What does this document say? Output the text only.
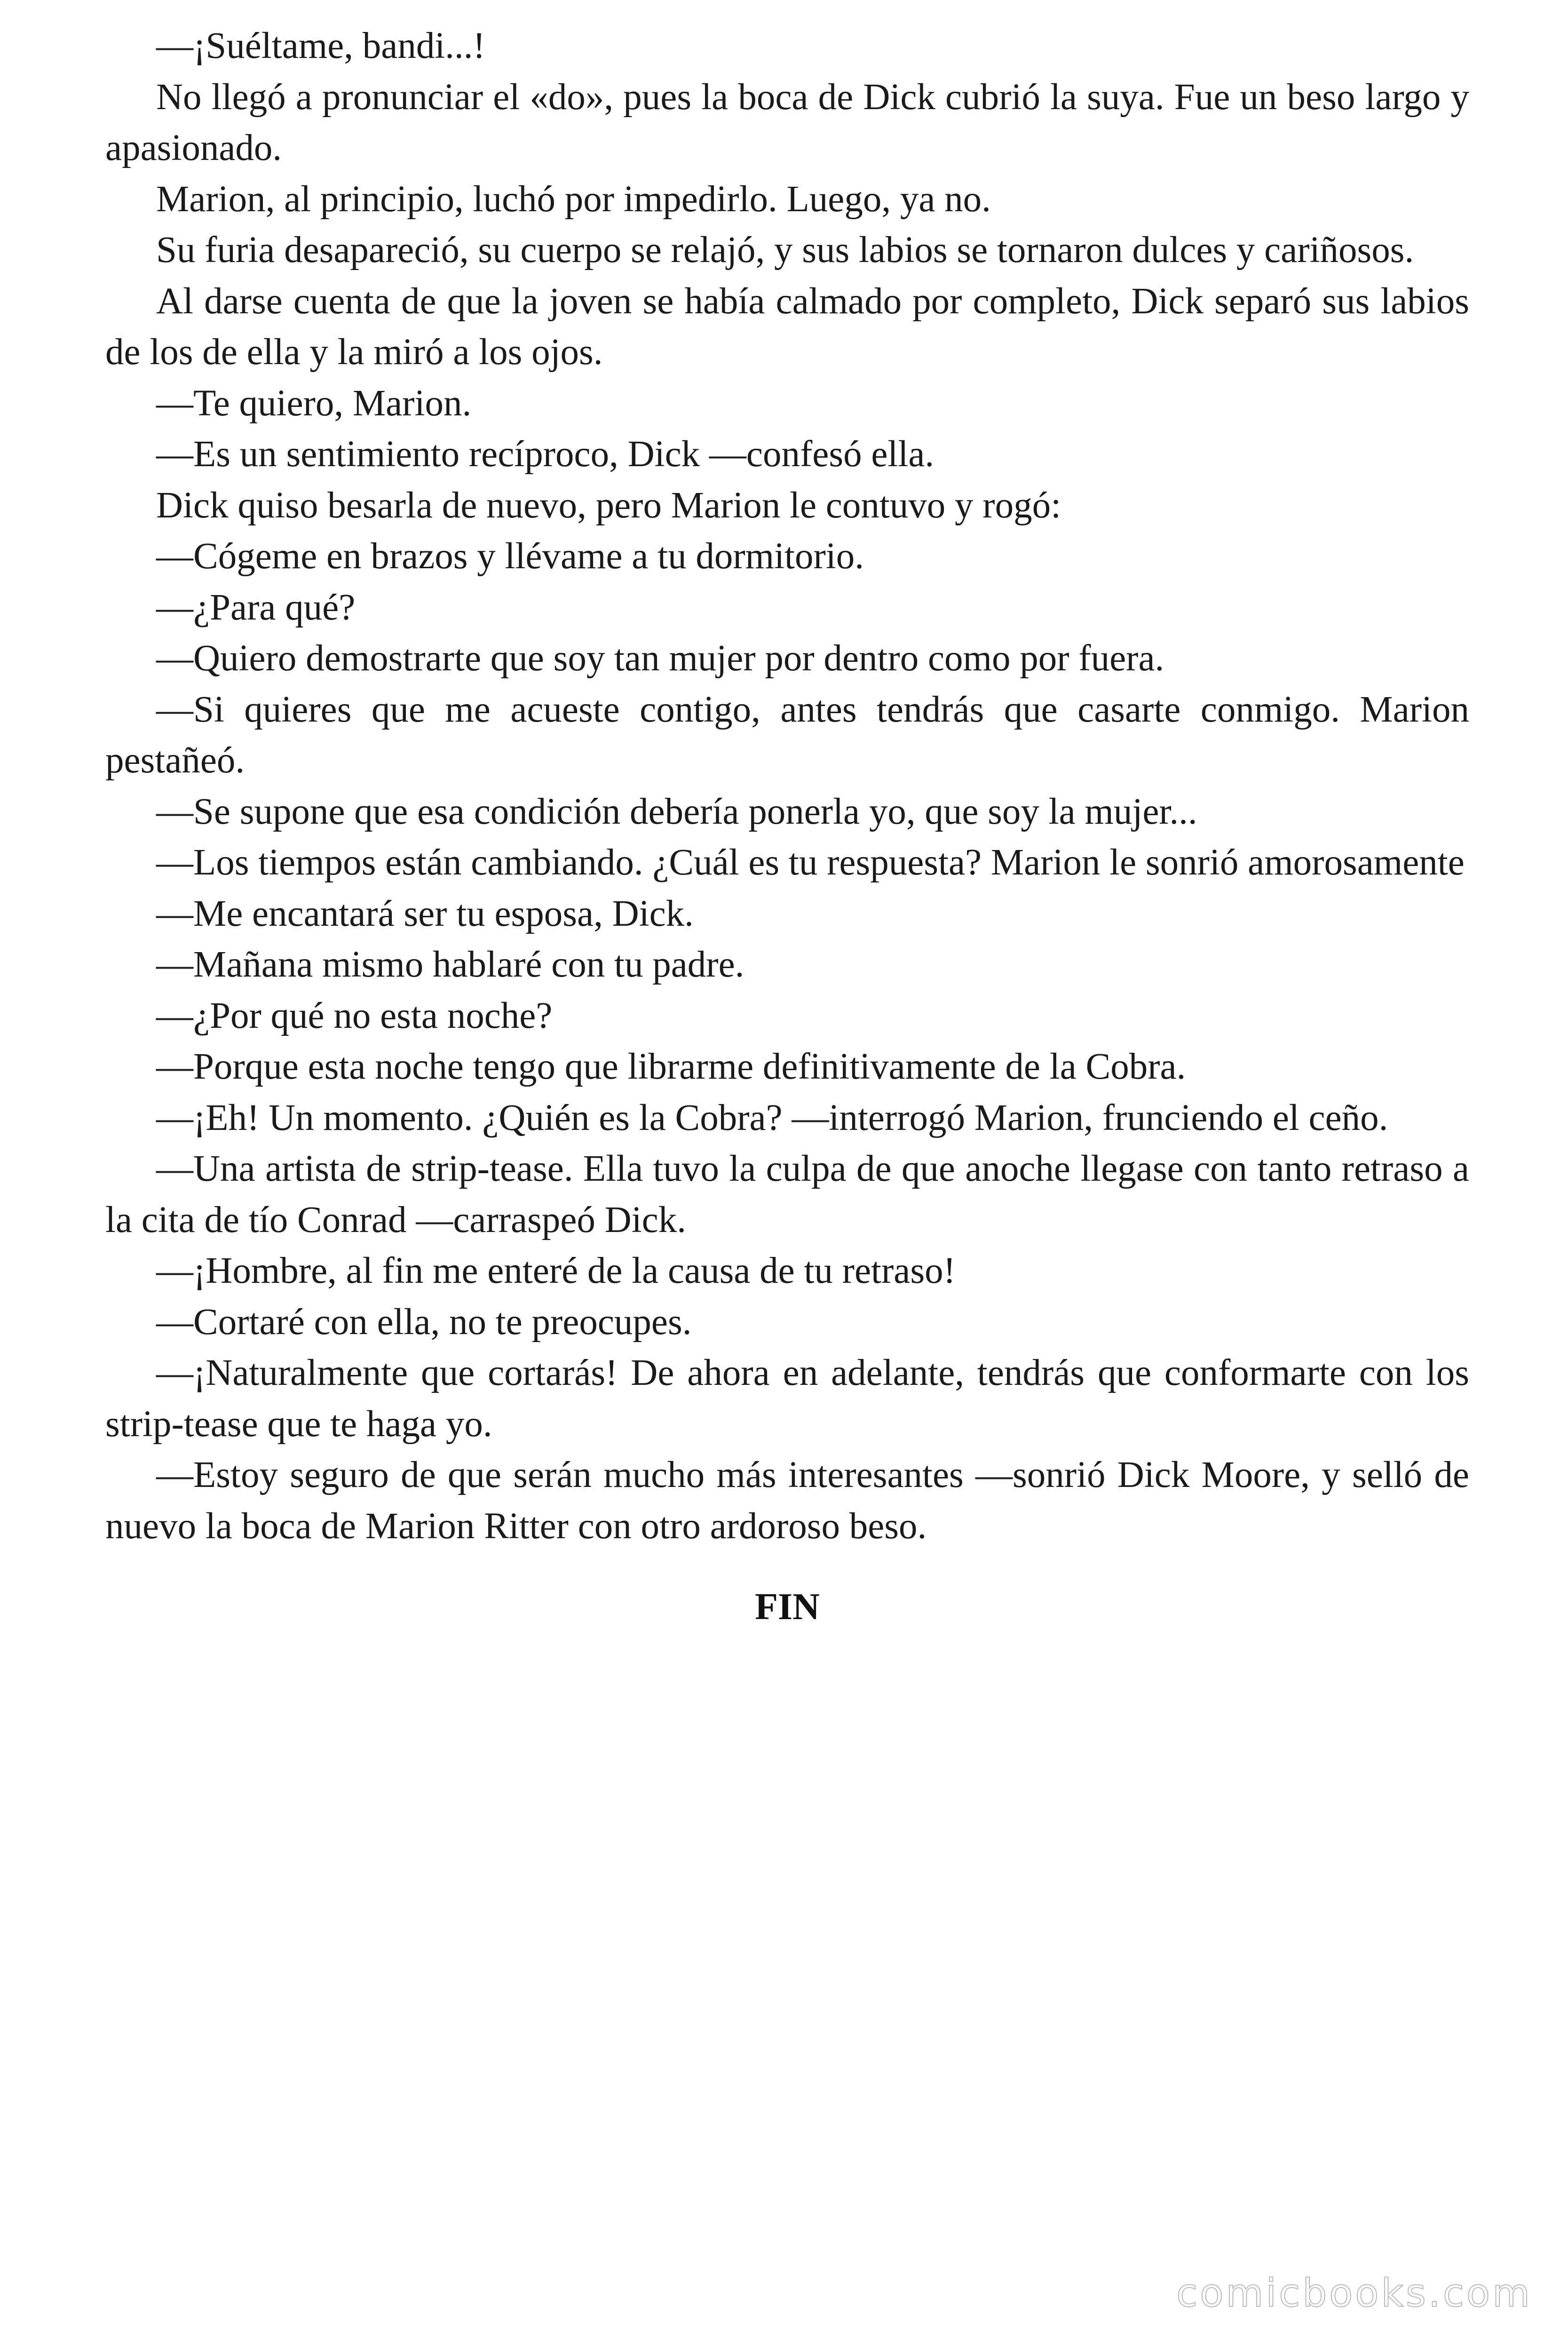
—¡Suéltame, bandi...!

No llegó a pronunciar el «do», pues la boca de Dick cubrió la suya. Fue un beso largo y apasionado.

Marion, al principio, luchó por impedirlo. Luego, ya no.

Su furia desapareció, su cuerpo se relajó, y sus labios se tornaron dulces y cariñosos.

Al darse cuenta de que la joven se había calmado por completo, Dick separó sus labios de los de ella y la miró a los ojos.

—Te quiero, Marion.

—Es un sentimiento recíproco, Dick —confesó ella.

Dick quiso besarla de nuevo, pero Marion le contuvo y rogó:

—Cógeme en brazos y llévame a tu dormitorio.

—¿Para qué?

—Quiero demostrarte que soy tan mujer por dentro como por fuera.

—Si quieres que me acueste contigo, antes tendrás que casarte conmigo. Marion pestañeó.

—Se supone que esa condición debería ponerla yo, que soy la mujer...

—Los tiempos están cambiando. ¿Cuál es tu respuesta? Marion le sonrió amorosamente

—Me encantará ser tu esposa, Dick.

—Mañana mismo hablaré con tu padre.

—¿Por qué no esta noche?

—Porque esta noche tengo que librarme definitivamente de la Cobra.

—¡Eh! Un momento. ¿Quién es la Cobra? —interrogó Marion, frunciendo el ceño.

—Una artista de strip-tease. Ella tuvo la culpa de que anoche llegase con tanto retraso a la cita de tío Conrad —carraspeó Dick.

—¡Hombre, al fin me enteré de la causa de tu retraso!

—Cortaré con ella, no te preocupes.

—¡Naturalmente que cortarás! De ahora en adelante, tendrás que conformarte con los strip-tease que te haga yo.

—Estoy seguro de que serán mucho más interesantes —sonrió Dick Moore, y selló de nuevo la boca de Marion Ritter con otro ardoroso beso.

FIN

comicbooks.com
